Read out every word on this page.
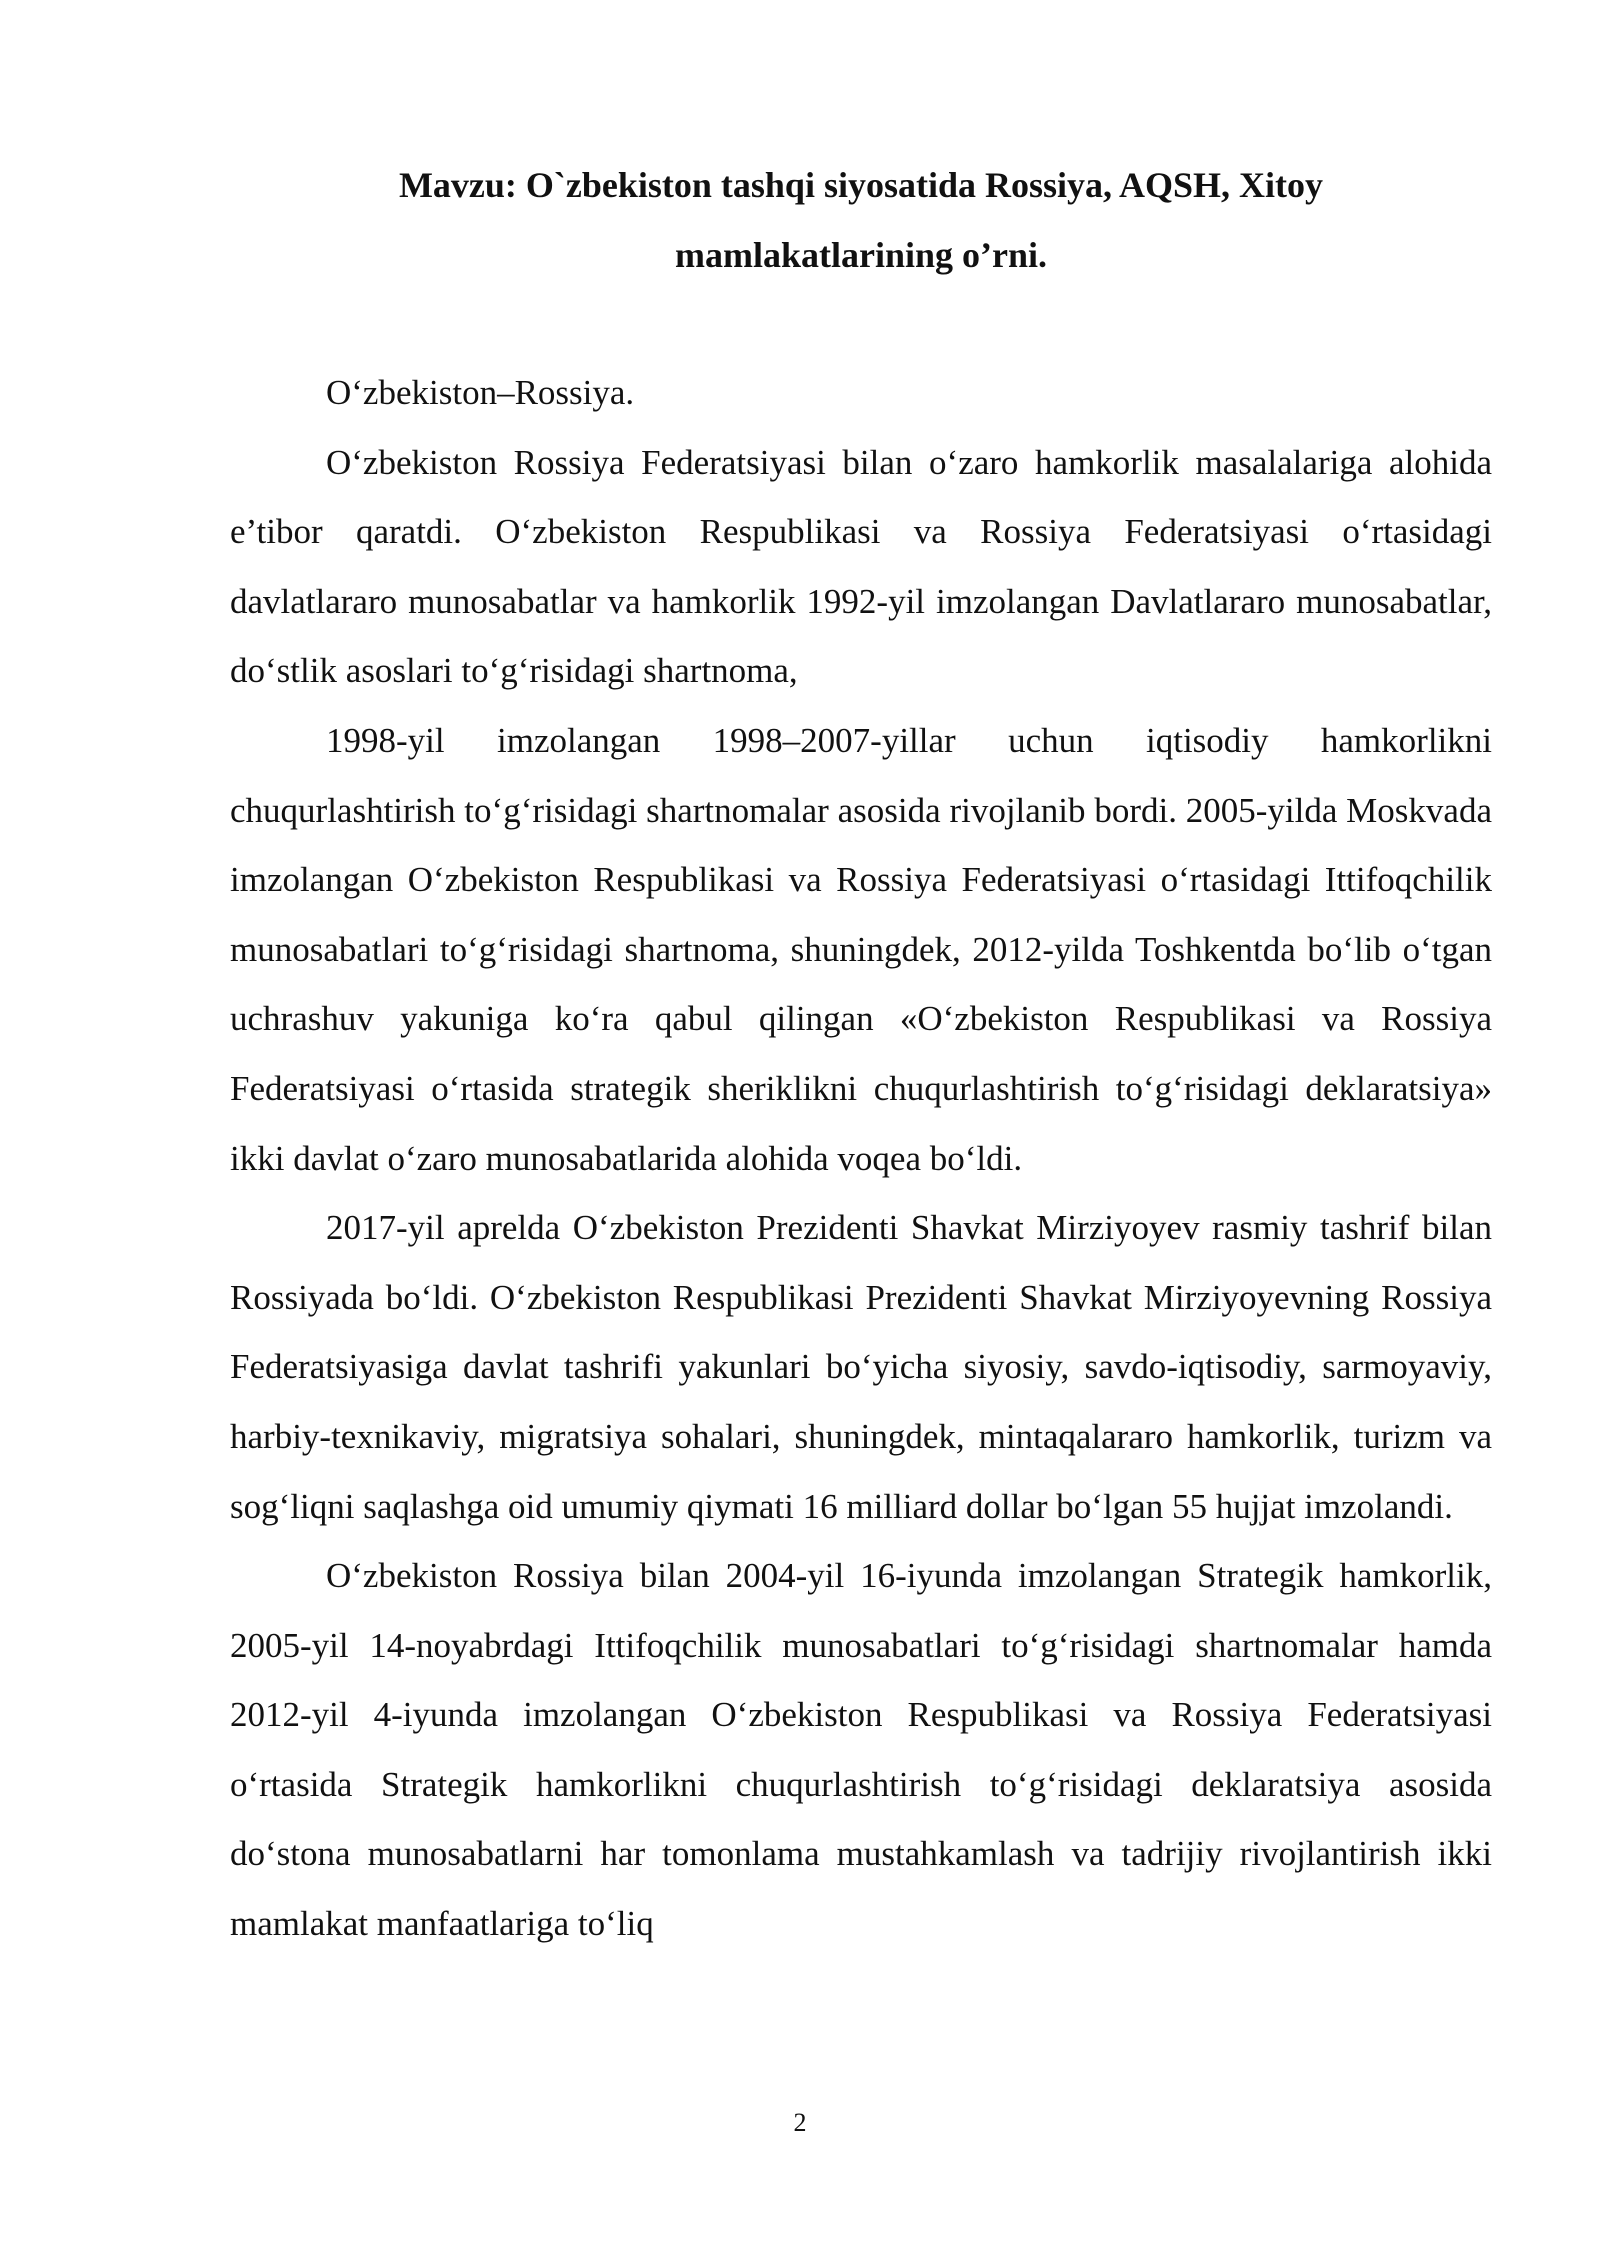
Mavzu: O`zbekiston tashqi siyosatida Rossiya, AQSH, Xitoy
mamlakatlarining o’rni.

O‘zbekiston–Rossiya.

O‘zbekiston Rossiya Federatsiyasi bilan o‘zaro hamkorlik masalalariga alohida e’tibor qaratdi. O‘zbekiston Respublikasi va Rossiya Federatsiyasi o‘rtasidagi davlatlararo munosabatlar va hamkorlik 1992-yil imzolangan Davlatlararo munosabatlar, do‘stlik asoslari to‘g‘risidagi shartnoma,

1998-yil imzolangan 1998–2007-yillar uchun iqtisodiy hamkorlikni chuqurlashtirish to‘g‘risidagi shartnomalar asosida rivojlanib bordi. 2005-yilda Moskvada imzolangan O‘zbekiston Respublikasi va Rossiya Federatsiyasi o‘rtasidagi Ittifoqchilik munosabatlari to‘g‘risidagi shartnoma, shuningdek, 2012-yilda Toshkentda bo‘lib o‘tgan uchrashuv yakuniga ko‘ra qabul qilingan «O‘zbekiston Respublikasi va Rossiya Federatsiyasi o‘rtasida strategik sheriklikni chuqurlashtirish to‘g‘risidagi deklaratsiya» ikki davlat o‘zaro munosabatlarida alohida voqea bo‘ldi.

2017-yil aprelda O‘zbekiston Prezidenti Shavkat Mirziyoyev rasmiy tashrif bilan Rossiyada bo‘ldi. O‘zbekiston Respublikasi Prezidenti Shavkat Mirziyoyevning Rossiya Federatsiyasiga davlat tashrifi yakunlari bo‘yicha siyosiy, savdo-iqtisodiy, sarmoyaviy, harbiy-texnikaviy, migratsiya sohalari, shuningdek, mintaqalararo hamkorlik, turizm va sog‘liqni saqlashga oid umumiy qiymati 16 milliard dollar bo‘lgan 55 hujjat imzolandi.

O‘zbekiston Rossiya bilan 2004-yil 16-iyunda imzolangan Strategik hamkorlik, 2005-yil 14-noyabrdagi Ittifoqchilik munosabatlari to‘g‘risidagi shartnomalar hamda 2012-yil 4-iyunda imzolangan O‘zbekiston Respublikasi va Rossiya Federatsiyasi o‘rtasida Strategik hamkorlikni chuqurlashtirish to‘g‘risidagi deklaratsiya asosida do‘stona munosabatlarni har tomonlama mustahkamlash va tadrijiy rivojlantirish ikki mamlakat manfaatlariga to‘liq

2
